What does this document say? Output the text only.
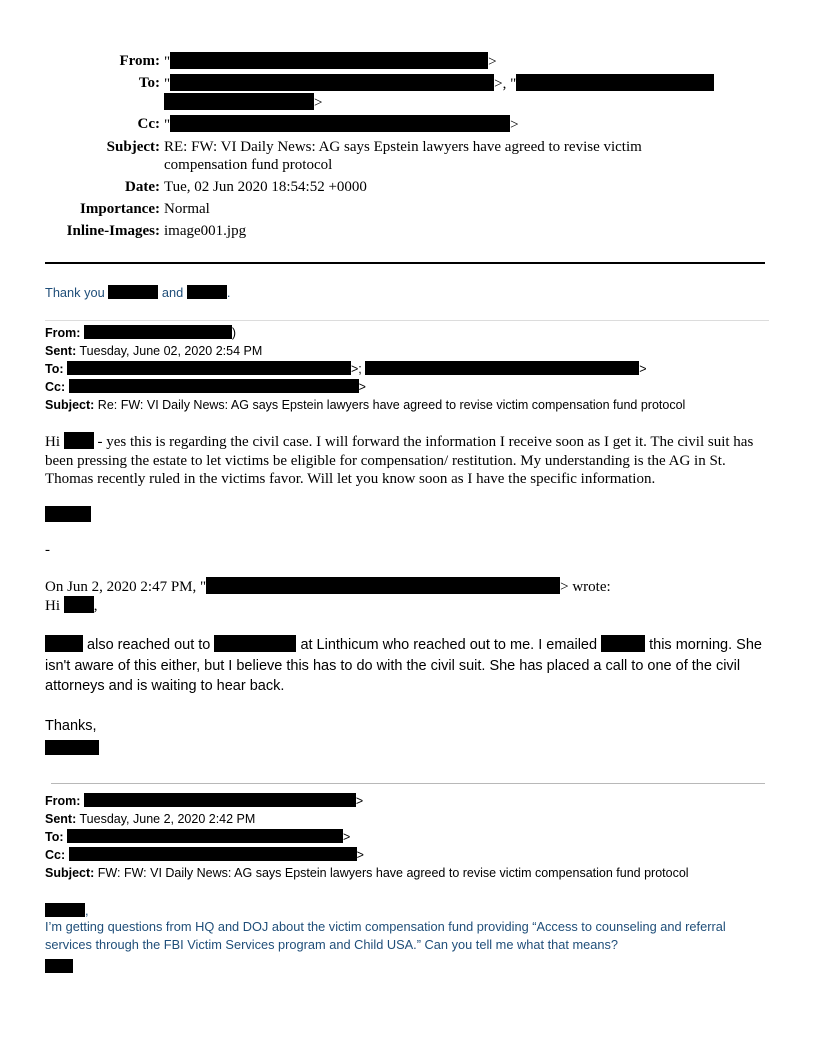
From: "	>
To: "	>, "
>
Cc: "	>
Subject: RE: FW: VI Daily News: AG says Epstein lawyers have agreed to revise victim
compensation fund protocol
Date: Tue, 02 Jun 2020 18:54:52 +0000
Importance: Normal
Inline-Images: image001.jpg
Thank you	and	.
From:	)
Sent: Tuesday, June 02, 2020 2:54 PM
To:	>;	>
Cc:	>
Subject: Re: FW: VI Daily News: AG says Epstein lawyers have agreed to revise victim compensation fund protocol
Hi	- yes this is regarding the civil case. I will forward the information I receive soon as I get it. The civil suit has been pressing the estate to let victims be eligible for compensation/ restitution. My understanding is the AG in St. Thomas recently ruled in the victims favor. Will let you know soon as I have the specific information.
-
On Jun 2, 2020 2:47 PM, "	> wrote:
Hi ,
also reached out to	at Linthicum who reached out to me. I emailed	this morning. She isn't aware of this either, but I believe this has to do with the civil suit. She has placed a call to one of the civil attorneys and is waiting to hear back.
Thanks,
From:	>
Sent: Tuesday, June 2, 2020 2:42 PM
To:	>
Cc:	>
Subject: FW: FW: VI Daily News: AG says Epstein lawyers have agreed to revise victim compensation fund protocol
,
I’m getting questions from HQ and DOJ about the victim compensation fund providing “Access to counseling and referral services through the FBI Victim Services program and Child USA.” Can you tell me what that means?
